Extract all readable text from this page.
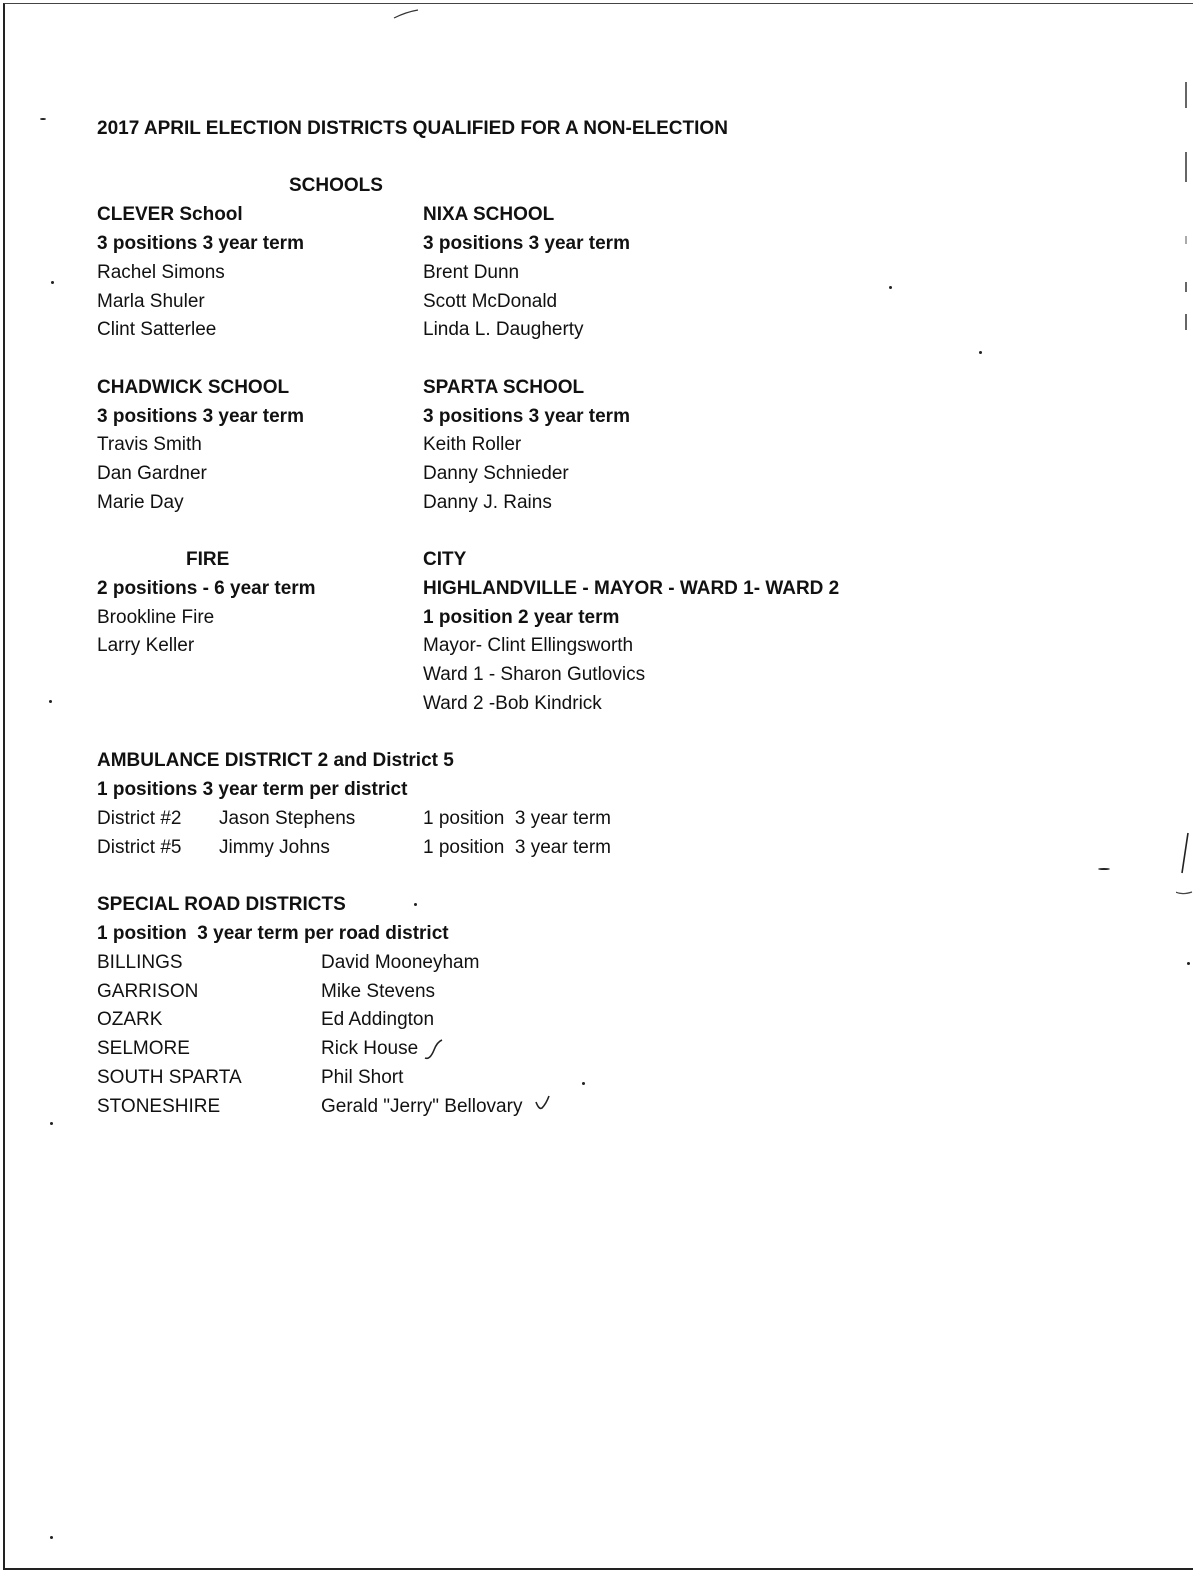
2017 APRIL ELECTION DISTRICTS QUALIFIED FOR A NON-ELECTION
SCHOOLS
CLEVER School
3 positions 3 year term
Rachel Simons
Marla Shuler
Clint Satterlee
NIXA SCHOOL
3 positions 3 year term
Brent Dunn
Scott McDonald
Linda L. Daugherty
CHADWICK SCHOOL
3 positions 3 year term
Travis Smith
Dan Gardner
Marie Day
SPARTA SCHOOL
3 positions 3 year term
Keith Roller
Danny Schnieder
Danny J. Rains
FIRE
2 positions - 6 year term
Brookline Fire
Larry Keller
CITY
HIGHLANDVILLE - MAYOR - WARD 1- WARD 2
1 position 2 year term
Mayor- Clint Ellingsworth
Ward 1 - Sharon Gutlovics
Ward 2 -Bob Kindrick
AMBULANCE DISTRICT 2 and District 5
1 positions 3 year term per district
District #2 Jason Stephens	1 position  3 year term
District #5 Jimmy Johns	1 position  3 year term
SPECIAL ROAD DISTRICTS
1 position  3 year term per road district
BILLINGS	David Mooneyham
GARRISON	Mike Stevens
OZARK	Ed Addington
SELMORE	Rick House
SOUTH SPARTA	Phil Short
STONESHIRE	Gerald "Jerry" Bellovary
